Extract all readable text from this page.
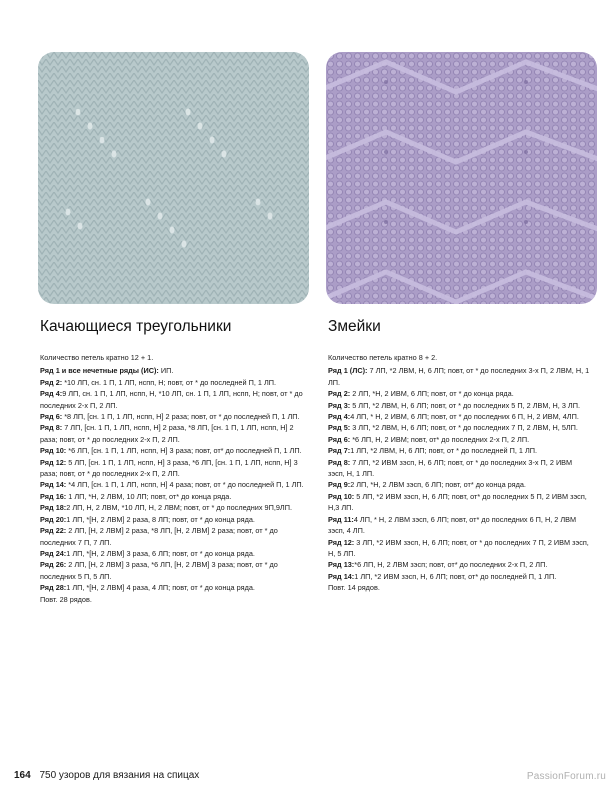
Качающиеся треугольники

Количество петель кратно 12 + 1.

Ряд 1 и все нечетные ряды (ИС): ИП.

Ряд 2: *10 ЛП, сн. 1 П, 1 ЛП, нспп, Н; повт, от * до последней П, 1 ЛП.

Ряд 4:9 ЛП, сн. 1 П, 1 ЛП, нспп, Н, *10 ЛП, сн. 1 П, 1 ЛП, нспп, Н; повт, от * до последних 2-х П, 2 ЛП.

Ряд 6: *8 ЛП, [сн. 1 П, 1 ЛП, нспп, Н] 2 раза; повт, от * до последней П, 1 ЛП.

Ряд 8: 7 ЛП, [сн. 1 П, 1 ЛП, нспп, Н] 2 раза, *8 ЛП, [сн. 1 П, 1 ЛП, нспп, Н] 2 раза; повт, от * до последних 2-х П, 2 ЛП.

Ряд 10: *6 ЛП, [сн. 1 П, 1 ЛП, нспп, Н] 3 раза; повт, от* до последней П, 1 ЛП.

Ряд 12: 5 ЛП, [сн. 1 П, 1 ЛП, нспп, Н] 3 раза, *6 ЛП, [сн. 1 П, 1 ЛП, нспп, Н] 3 раза; повт, от * до последних 2-х П, 2 ЛП.

Ряд 14: *4 ЛП, [сн. 1 П, 1 ЛП, нспп, Н] 4 раза; повт, от * до последней П, 1 ЛП.

Ряд 16: 1 ЛП, *Н, 2 ЛВМ, 10 ЛП; повт, от* до конца ряда.

Ряд 18:2 ЛП, Н, 2 ЛВМ, *10 ЛП, Н, 2 ЛВМ; повт, от * до последних 9П,9ЛП.

Ряд 20:1 ЛП, *[Н, 2 ЛВМ] 2 раза, 8 ЛП; повт, от * до конца ряда.

Ряд 22: 2 ЛП, [Н, 2 ЛВМ] 2 раза, *8 ЛП, [Н, 2 ЛВМ] 2 раза; повт, от * до последних 7 П, 7 ЛП.

Ряд 24:1 ЛП, *[Н, 2 ЛВМ] 3 раза, 6 ЛП; повт, от * до конца ряда.

Ряд 26: 2 ЛП, [Н, 2 ЛВМ] 3 раза, *6 ЛП, [Н, 2 ЛВМ] 3 раза; повт, от * до последних 5 П, 5 ЛП.

Ряд 28:1 ЛП, *[Н, 2 ЛВМ] 4 раза, 4 ЛП; повт, от * до конца ряда.

Повт. 28 рядов.

Змейки

Количество петель кратно 8 + 2.

Ряд 1 (ЛС): 7 ЛП, *2 ЛВМ, Н, 6 ЛП; повт, от * до последних 3-х П, 2 ЛВМ, Н, 1 ЛП.

Ряд 2: 2 ЛП, *Н, 2 ИВМ, 6 ЛП; повт, от * до конца ряда.

Ряд 3: 5 ЛП, *2 ЛВМ, Н, 6 ЛП; повт, от * до последних 5 П, 2 ЛВМ, Н, 3 ЛП.

Ряд 4:4 ЛП, * Н, 2 ИВМ, 6 ЛП; повт, от * до последних 6 П, Н, 2 ИВМ, 4ЛП.

Ряд 5: 3 ЛП, *2 ЛВМ, Н, 6 ЛП; повт, от * до последних 7 П, 2 ЛВМ, Н, 5ЛП.

Ряд 6: *6 ЛП, Н, 2 ИВМ; повт, от* до последних 2-х П, 2 ЛП.

Ряд 7:1 ЛП, *2 ЛВМ, Н, 6 ЛП; повт, от * до последней П, 1 ЛП.

Ряд 8: 7 ЛП, *2 ИВМ зэсп, Н, 6 ЛП; повт, от * до последних 3-х П, 2 ИВМ зэсп, Н, 1 ЛП.

Ряд 9:2 ЛП, *Н, 2 ЛВМ зэсп, 6 ЛП; повт, от* до конца ряда.

Ряд 10: 5 ЛП, *2 ИВМ зэсп, Н, 6 ЛП; повт, от* до последних 5 П, 2 ИВМ зэсп, Н,3 ЛП.

Ряд 11:4 ЛП, * Н, 2 ЛВМ зэсп, 6 ЛП; повт, от* до последних 6 П, Н, 2 ЛВМ зэсп, 4 ЛП.

Ряд 12: 3 ЛП, *2 ИВМ зэсп, Н, 6 ЛП; повт, от * до последних 7 П, 2 ИВМ зэсп, Н, 5 ЛП.

Ряд 13:*6 ЛП, Н, 2 ЛВМ зэсп; повт, от* до последних 2-х П, 2 ЛП.

Ряд 14:1 ЛП, *2 ИВМ зэсп, Н, 6 ЛП; повт, от* до последней П, 1 ЛП.

Повт. 14 рядов.

164 750 узоров для вязания на спицах	PassionForum.ru
